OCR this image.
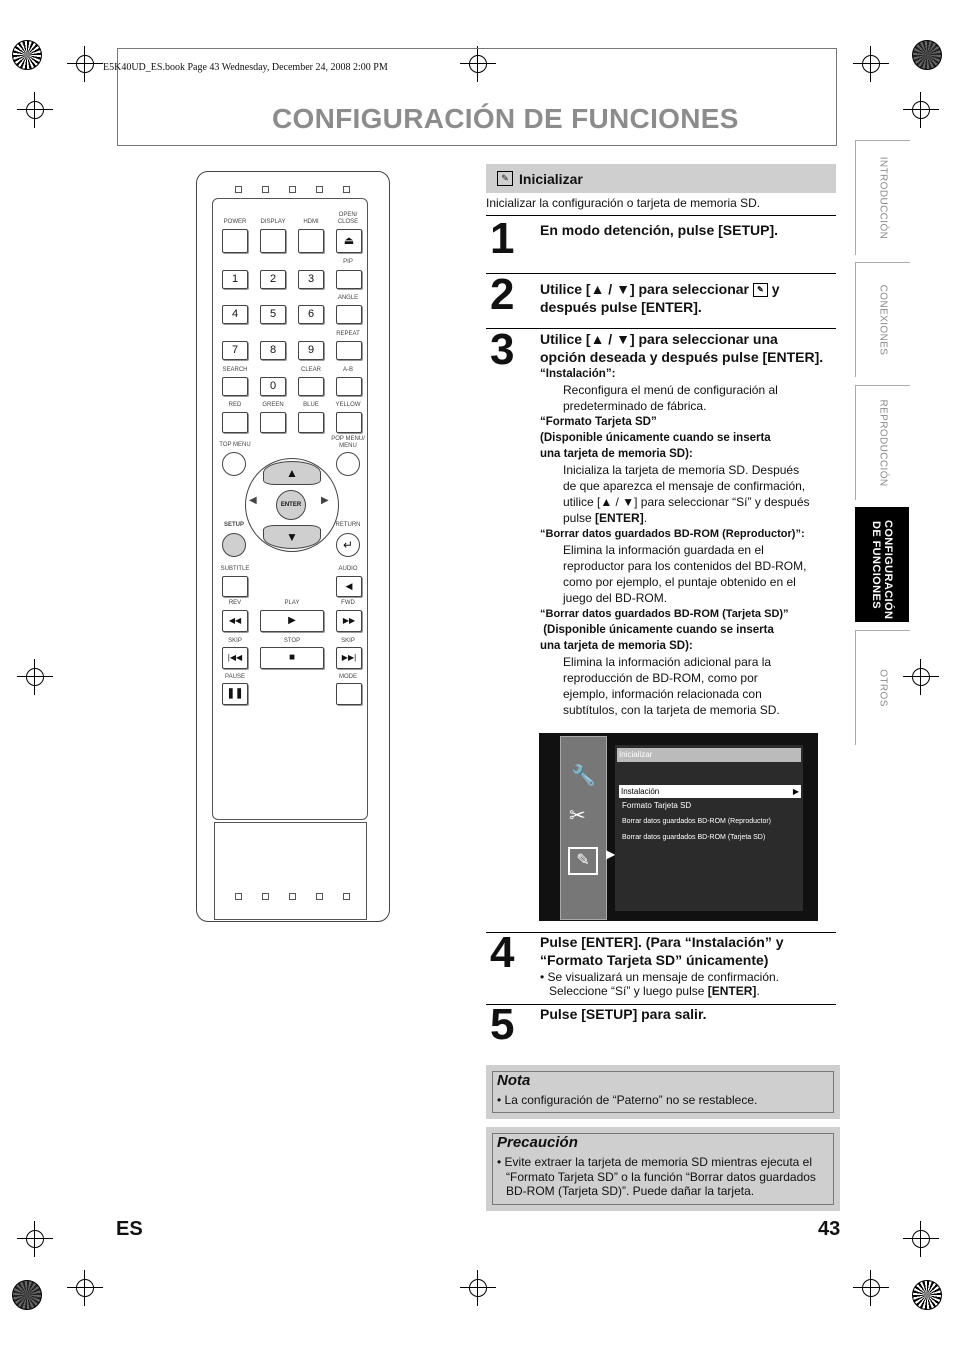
E5K40UD_ES.book Page 43 Wednesday, December 24, 2008 2:00 PM
CONFIGURACIÓN DE FUNCIONES
INTRODUCCIÓN
CONEXIONES
REPRODUCCIÓN
CONFIGURACIÓN DE FUNCIONES
OTROS
POWER	DISPLAY	HDMI
OPEN/
CLOSE
⏏
PIP
1	2	3
ANGLE
4	5	6
REPEAT
7	8	9
SEARCH	CLEAR	A-B
0
RED	GREEN	BLUE	YELLOW
TOP MENU
POP MENU/
MENU
▲
▼
◀	▶
ENTER
SETUP	RETURN
↵
SUBTITLE	AUDIO
◀
REV	PLAY	FWD
◀◀	▶	▶▶
SKIP	STOP	SKIP
|◀◀	■	▶▶|
PAUSE	MODE
❚❚
✎ Inicializar
Inicializar la configuración o tarjeta de memoria SD.
1 En modo detención, pulse [SETUP].
2 Utilice [▲ / ▼] para seleccionar ✎ y
después pulse [ENTER].
3 Utilice [▲ / ▼] para seleccionar una
opción deseada y después pulse [ENTER].
“Instalación”:
Reconfigura el menú de configuración al
predeterminado de fábrica.
“Formato Tarjeta SD”
(Disponible únicamente cuando se inserta
una tarjeta de memoria SD):
Inicializa la tarjeta de memoria SD. Después
de que aparezca el mensaje de confirmación,
utilice [▲ / ▼] para seleccionar “Sí” y después
pulse [ENTER].
“Borrar datos guardados BD-ROM (Reproductor)”:
Elimina la información guardada en el
reproductor para los contenidos del BD-ROM,
como por ejemplo, el puntaje obtenido en el
juego del BD-ROM.
“Borrar datos guardados BD-ROM (Tarjeta SD)”
(Disponible únicamente cuando se inserta
una tarjeta de memoria SD):
Elimina la información adicional para la
reproducción de BD-ROM, como por
ejemplo, información relacionada con
subtítulos, con la tarjeta de memoria SD.
🔧
✂
✎	▶
Inicializar
Instalación	▶
Formato Tarjeta SD
Borrar datos guardados BD-ROM (Reproductor)
Borrar datos guardados BD-ROM (Tarjeta SD)
4 Pulse [ENTER]. (Para “Instalación” y
“Formato Tarjeta SD” únicamente)
• Se visualizará un mensaje de confirmación.
Seleccione “Sí” y luego pulse [ENTER].
5 Pulse [SETUP] para salir.
Nota
• La configuración de “Paterno” no se restablece.
Precaución
• Evite extraer la tarjeta de memoria SD mientras ejecuta el
“Formato Tarjeta SD” o la función “Borrar datos guardados
BD-ROM (Tarjeta SD)”. Puede dañar la tarjeta.
ES	43
